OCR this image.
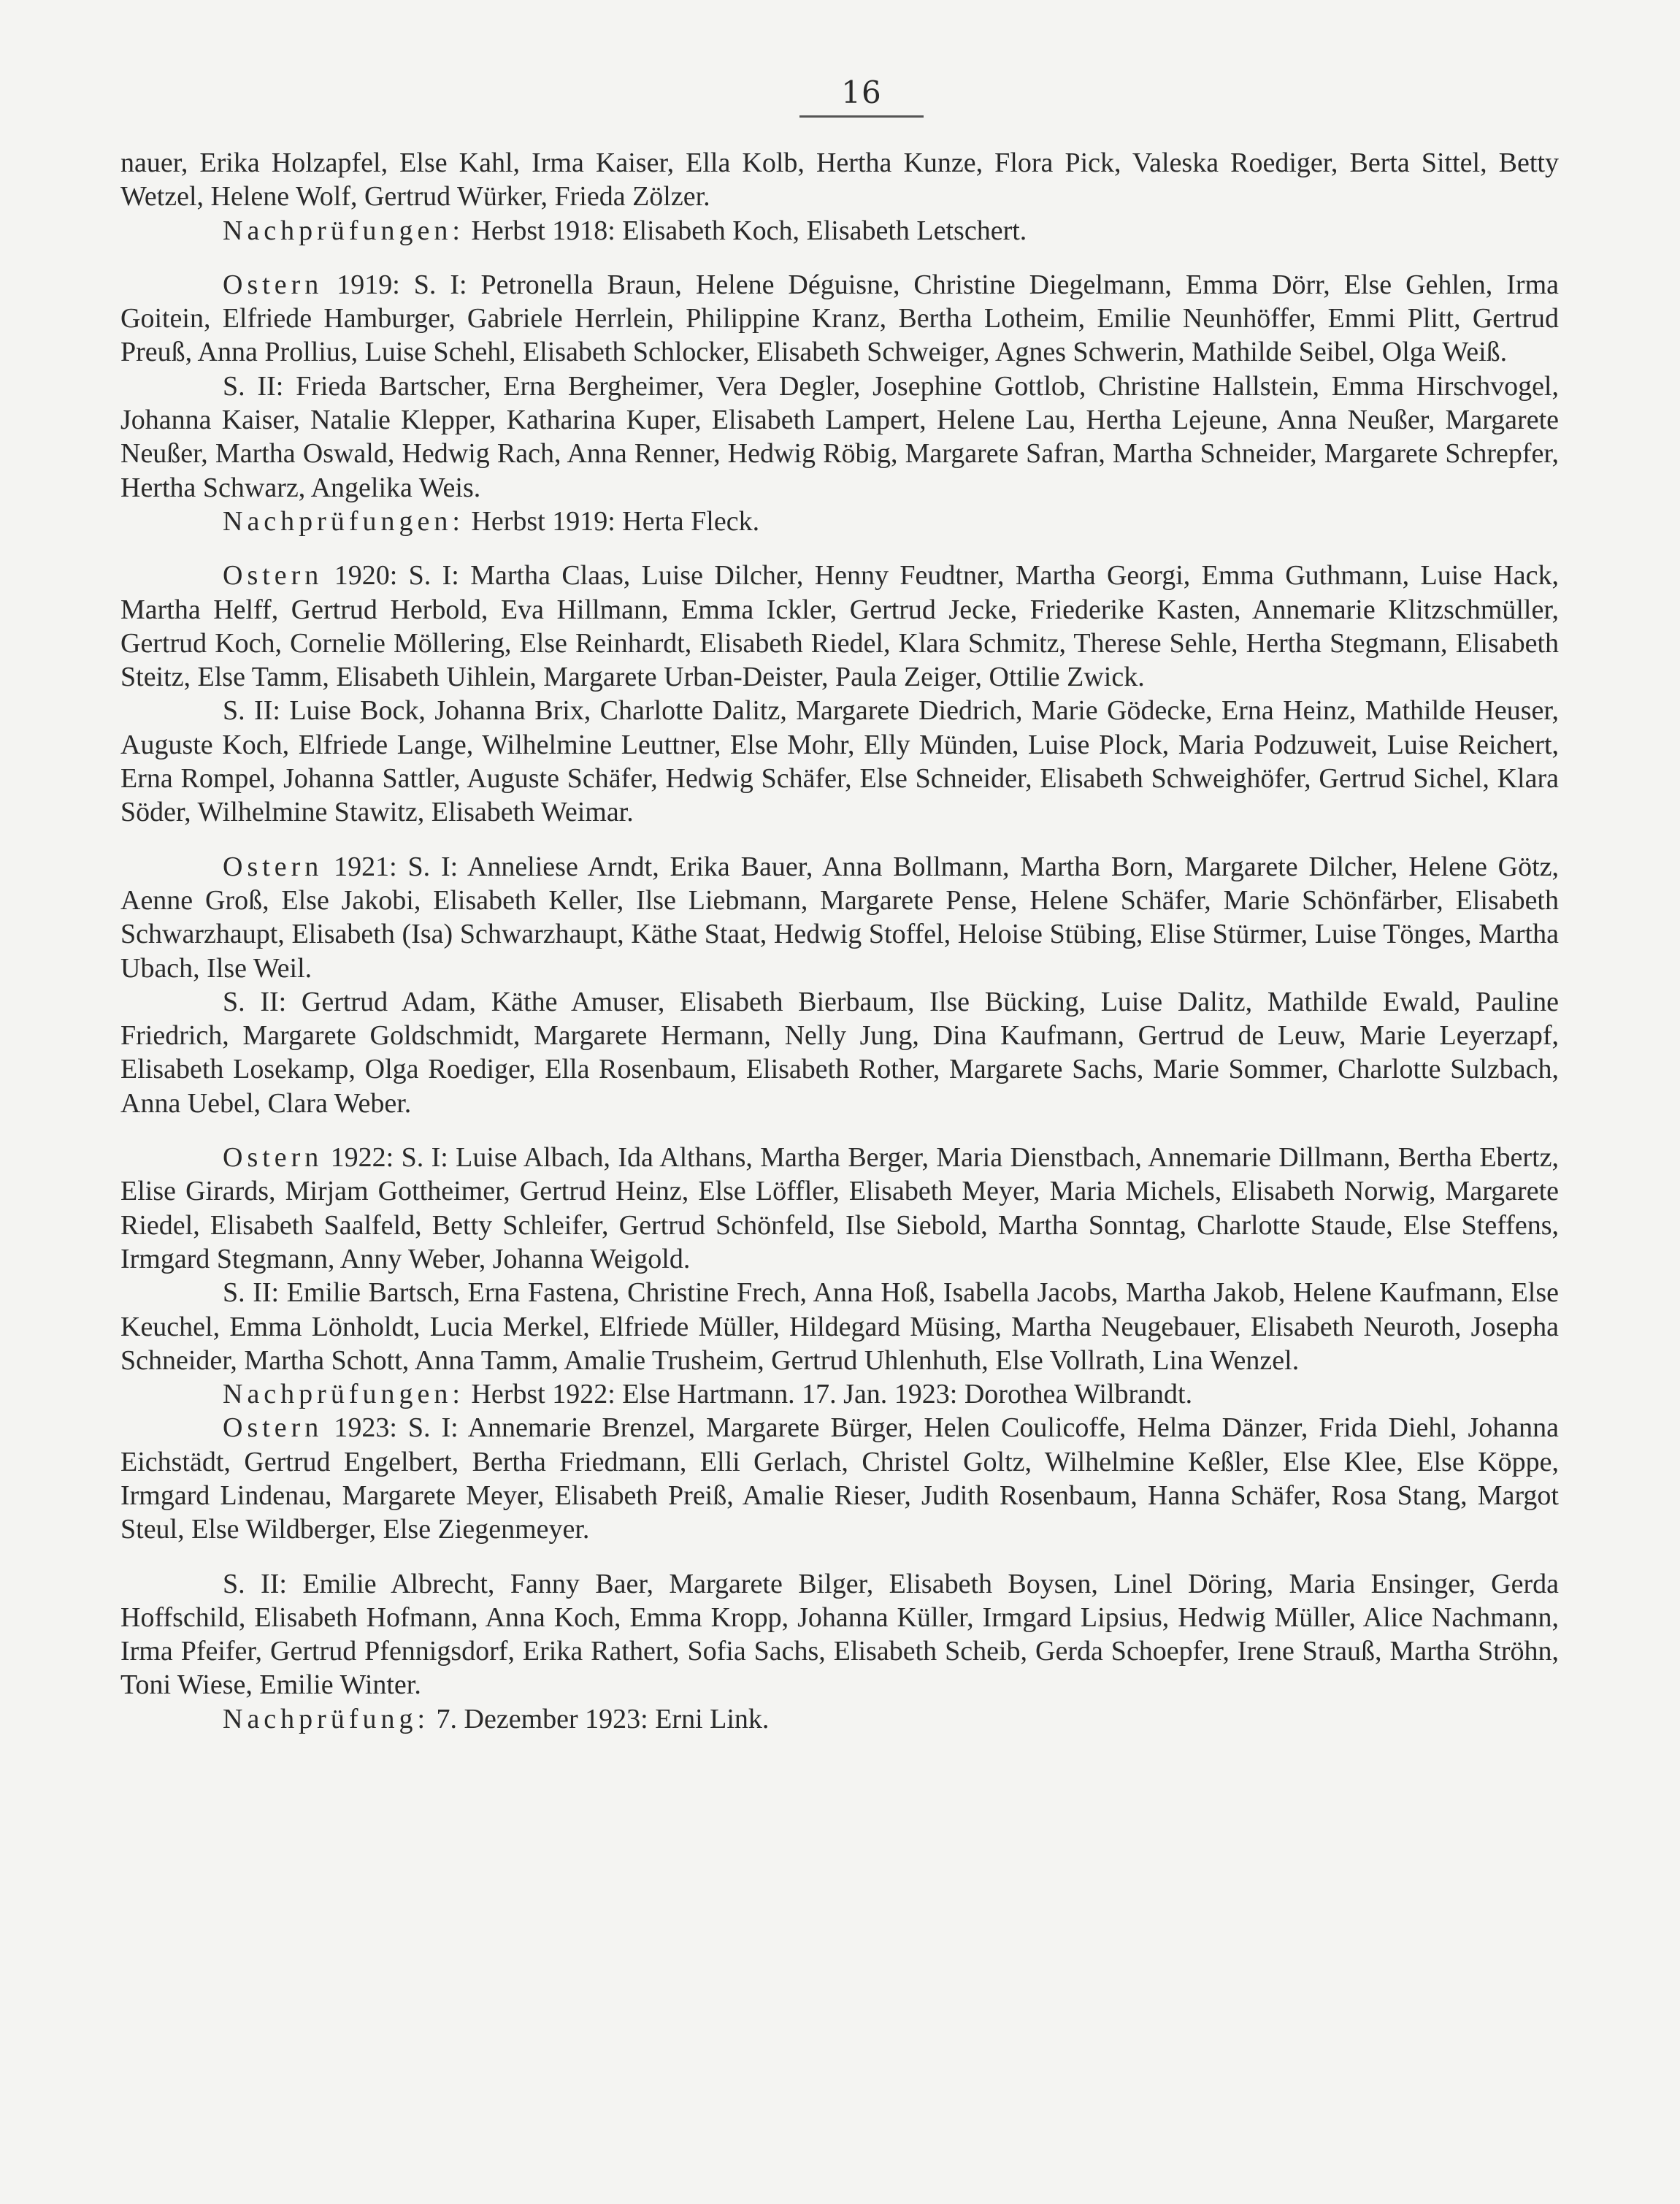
16

nauer, Erika Holzapfel, Else Kahl, Irma Kaiser, Ella Kolb, Hertha Kunze, Flora Pick, Valeska Roediger, Berta Sittel, Betty Wetzel, Helene Wolf, Gertrud Würker, Frieda Zölzer.

Nachprüfungen: Herbst 1918: Elisabeth Koch, Elisabeth Letschert.

Ostern 1919: S. I: Petronella Braun, Helene Déguisne, Christine Diegelmann, Emma Dörr, Else Gehlen, Irma Goitein, Elfriede Hamburger, Gabriele Herrlein, Philippine Kranz, Bertha Lotheim, Emilie Neunhöffer, Emmi Plitt, Gertrud Preuß, Anna Prollius, Luise Schehl, Elisabeth Schlocker, Elisabeth Schweiger, Agnes Schwerin, Mathilde Seibel, Olga Weiß.

S. II: Frieda Bartscher, Erna Bergheimer, Vera Degler, Josephine Gottlob, Christine Hallstein, Emma Hirschvogel, Johanna Kaiser, Natalie Klepper, Katharina Kuper, Elisabeth Lampert, Helene Lau, Hertha Lejeune, Anna Neußer, Margarete Neußer, Martha Oswald, Hedwig Rach, Anna Renner, Hedwig Röbig, Margarete Safran, Martha Schneider, Margarete Schrepfer, Hertha Schwarz, Angelika Weis.

Nachprüfungen: Herbst 1919: Herta Fleck.

Ostern 1920: S. I: Martha Claas, Luise Dilcher, Henny Feudtner, Martha Georgi, Emma Guthmann, Luise Hack, Martha Helff, Gertrud Herbold, Eva Hillmann, Emma Ickler, Gertrud Jecke, Friederike Kasten, Annemarie Klitzschmüller, Gertrud Koch, Cornelie Möllering, Else Reinhardt, Elisabeth Riedel, Klara Schmitz, Therese Sehle, Hertha Stegmann, Elisabeth Steitz, Else Tamm, Elisabeth Uihlein, Margarete Urban-Deister, Paula Zeiger, Ottilie Zwick.

S. II: Luise Bock, Johanna Brix, Charlotte Dalitz, Margarete Diedrich, Marie Gödecke, Erna Heinz, Mathilde Heuser, Auguste Koch, Elfriede Lange, Wilhelmine Leuttner, Else Mohr, Elly Münden, Luise Plock, Maria Podzuweit, Luise Reichert, Erna Rompel, Johanna Sattler, Auguste Schäfer, Hedwig Schäfer, Else Schneider, Elisabeth Schweighöfer, Gertrud Sichel, Klara Söder, Wilhelmine Stawitz, Elisabeth Weimar.

Ostern 1921: S. I: Anneliese Arndt, Erika Bauer, Anna Bollmann, Martha Born, Margarete Dilcher, Helene Götz, Aenne Groß, Else Jakobi, Elisabeth Keller, Ilse Liebmann, Margarete Pense, Helene Schäfer, Marie Schönfärber, Elisabeth Schwarzhaupt, Elisabeth (Isa) Schwarzhaupt, Käthe Staat, Hedwig Stoffel, Heloise Stübing, Elise Stürmer, Luise Tönges, Martha Ubach, Ilse Weil.

S. II: Gertrud Adam, Käthe Amuser, Elisabeth Bierbaum, Ilse Bücking, Luise Dalitz, Mathilde Ewald, Pauline Friedrich, Margarete Goldschmidt, Margarete Hermann, Nelly Jung, Dina Kaufmann, Gertrud de Leuw, Marie Leyerzapf, Elisabeth Losekamp, Olga Roediger, Ella Rosenbaum, Elisabeth Rother, Margarete Sachs, Marie Sommer, Charlotte Sulzbach, Anna Uebel, Clara Weber.

Ostern 1922: S. I: Luise Albach, Ida Althans, Martha Berger, Maria Dienstbach, Annemarie Dillmann, Bertha Ebertz, Elise Girards, Mirjam Gottheimer, Gertrud Heinz, Else Löffler, Elisabeth Meyer, Maria Michels, Elisabeth Norwig, Margarete Riedel, Elisabeth Saalfeld, Betty Schleifer, Gertrud Schönfeld, Ilse Siebold, Martha Sonntag, Charlotte Staude, Else Steffens, Irmgard Stegmann, Anny Weber, Johanna Weigold.

S. II: Emilie Bartsch, Erna Fastena, Christine Frech, Anna Hoß, Isabella Jacobs, Martha Jakob, Helene Kaufmann, Else Keuchel, Emma Lönholdt, Lucia Merkel, Elfriede Müller, Hildegard Müsing, Martha Neugebauer, Elisabeth Neuroth, Josepha Schneider, Martha Schott, Anna Tamm, Amalie Trusheim, Gertrud Uhlenhuth, Else Vollrath, Lina Wenzel.

Nachprüfungen: Herbst 1922: Else Hartmann. 17. Jan. 1923: Dorothea Wilbrandt.

Ostern 1923: S. I: Annemarie Brenzel, Margarete Bürger, Helen Coulicoffe, Helma Dänzer, Frida Diehl, Johanna Eichstädt, Gertrud Engelbert, Bertha Friedmann, Elli Gerlach, Christel Goltz, Wilhelmine Keßler, Else Klee, Else Köppe, Irmgard Lindenau, Margarete Meyer, Elisabeth Preiß, Amalie Rieser, Judith Rosenbaum, Hanna Schäfer, Rosa Stang, Margot Steul, Else Wildberger, Else Ziegenmeyer.

S. II: Emilie Albrecht, Fanny Baer, Margarete Bilger, Elisabeth Boysen, Linel Döring, Maria Ensinger, Gerda Hoffschild, Elisabeth Hofmann, Anna Koch, Emma Kropp, Johanna Küller, Irmgard Lipsius, Hedwig Müller, Alice Nachmann, Irma Pfeifer, Gertrud Pfennigsdorf, Erika Rathert, Sofia Sachs, Elisabeth Scheib, Gerda Schoepfer, Irene Strauß, Martha Ströhn, Toni Wiese, Emilie Winter.

Nachprüfung: 7. Dezember 1923: Erni Link.
